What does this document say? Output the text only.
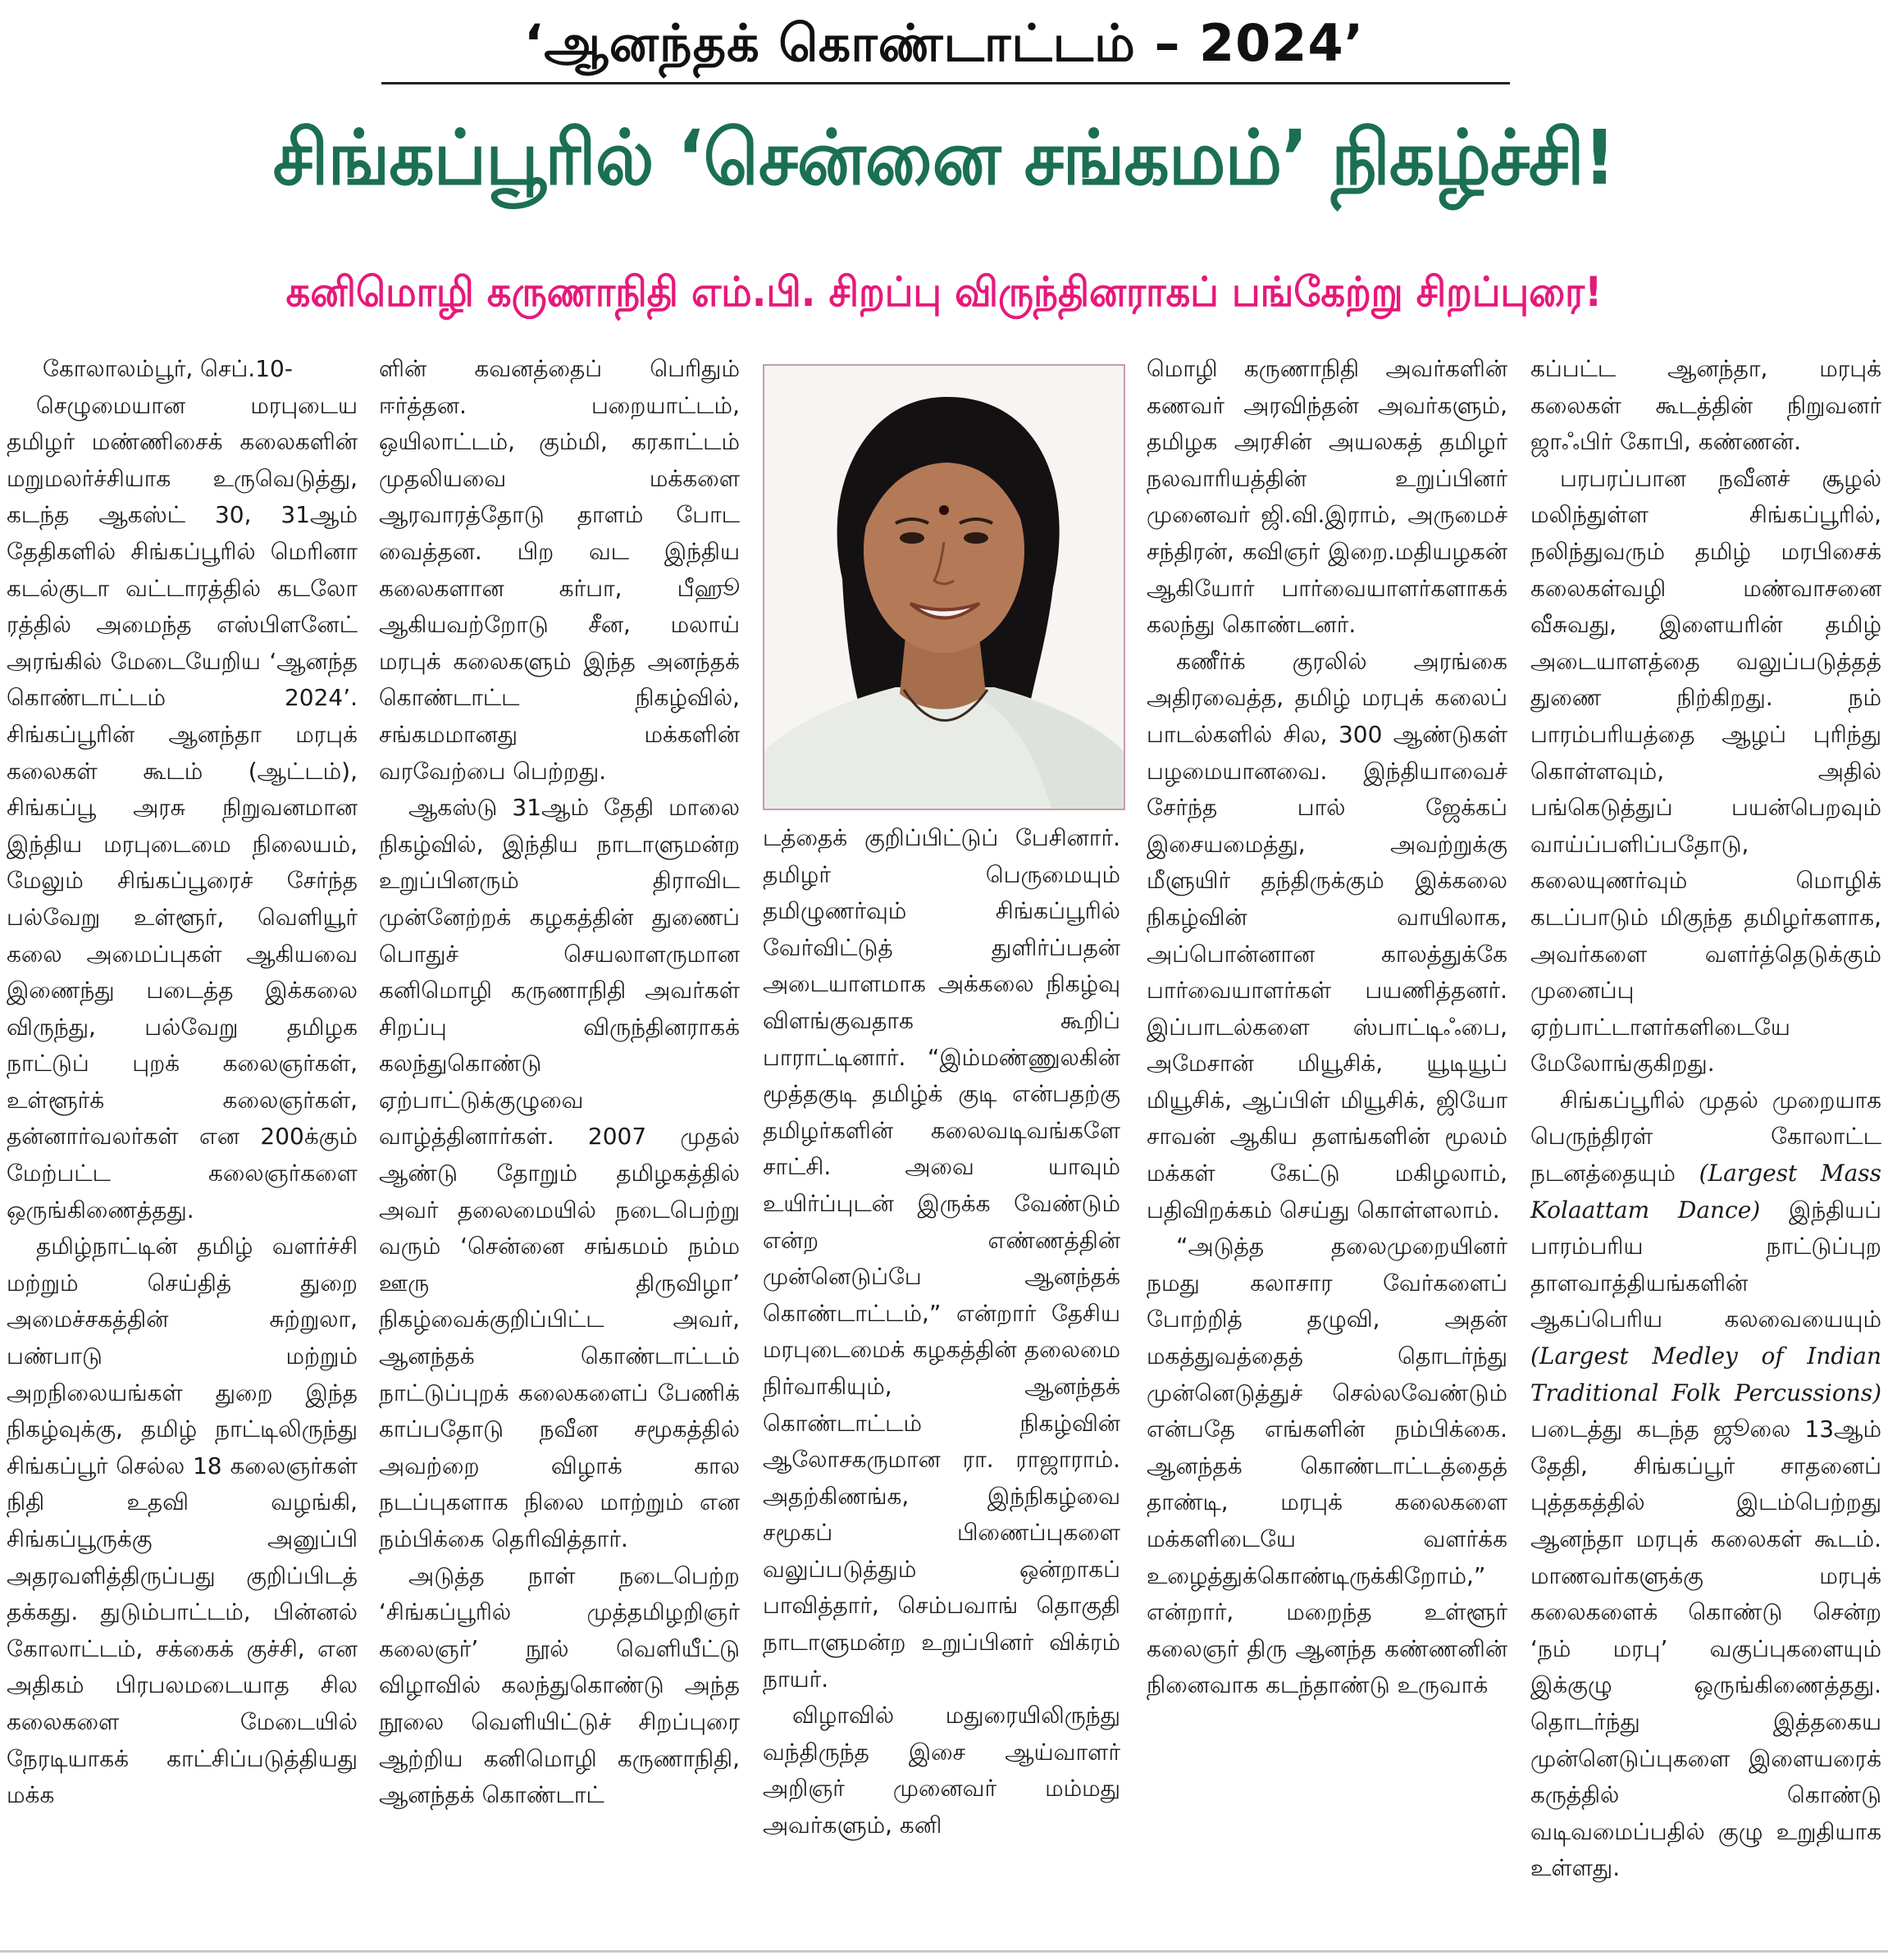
‘ஆனந்தக் கொண்டாட்டம் – 2024’
சிங்கப்பூரில் ‘சென்னை சங்கமம்’ நிகழ்ச்சி!
கனிமொழி கருணாநிதி எம்.பி. சிறப்பு விருந்தினராகப் பங்கேற்று சிறப்புரை!

கோலாலம்பூர், செப்.10-

செழுமையான மரபுடைய தமிழர் மண்ணிசைக் கலைகளின் மறுமலர்ச்சியாக உருவெடுத்து, கடந்த ஆகஸ்ட் 30, 31ஆம் தேதிகளில் சிங்கப்பூரில் மெரினா கடல்குடா வட்டாரத்தில் கடலோ ரத்தில் அமைந்த எஸ்பிளனேட் அரங்கில் மேடையேறிய ‘ஆனந்த கொண்டாட்டம் 2024’. சிங்கப்பூரின் ஆனந்தா மரபுக் கலைகள் கூடம் (ஆட்டம்), சிங்கப்பூ அரசு நிறுவனமான இந்திய மரபுடைமை நிலையம், மேலும் சிங்கப்பூரைச் சேர்ந்த பல்வேறு உள்ளூர், வெளியூர் கலை அமைப்புகள் ஆகியவை இணைந்து படைத்த இக்கலை விருந்து, பல்வேறு தமிழக நாட்டுப் புறக் கலைஞர்கள், உள்ளூர்க் கலைஞர்கள், தன்னார்வலர்கள் என 200க்கும் மேற்பட்ட கலைஞர்களை ஒருங்கிணைத்தது.

தமிழ்நாட்டின் தமிழ் வளர்ச்சி மற்றும் செய்தித் துறை அமைச்சகத்தின் சுற்றுலா, பண்பாடு மற்றும் அறநிலையங்கள் துறை இந்த நிகழ்வுக்கு, தமிழ் நாட்டிலிருந்து சிங்கப்பூர் செல்ல 18 கலைஞர்கள் நிதி உதவி வழங்கி, சிங்கப்பூருக்கு அனுப்பி அதரவளித்திருப்பது குறிப்பிடத் தக்கது. துடும்பாட்டம், பின்னல் கோலாட்டம், சக்கைக் குச்சி, என அதிகம் பிரபலமடையாத சில கலைகளை மேடையில் நேரடியாகக் காட்சிப்படுத்தியது மக்க

ளின் கவனத்தைப் பெரிதும் ஈர்த்தன. பறையாட்டம், ஒயிலாட்டம், கும்மி, கரகாட்டம் முதலியவை மக்களை ஆரவாரத்தோடு தாளம் போட வைத்தன. பிற வட இந்திய கலைகளான கர்பா, பீஹூ ஆகியவற்றோடு சீன, மலாய் மரபுக் கலைகளும் இந்த அனந்தக் கொண்டாட்ட நிகழ்வில், சங்கமமானது மக்களின் வரவேற்பை பெற்றது.

ஆகஸ்டு 31ஆம் தேதி மாலை நிகழ்வில், இந்திய நாடாளுமன்ற உறுப்பினரும் திராவிட முன்னேற்றக் கழகத்தின் துணைப் பொதுச் செயலாளருமான கனிமொழி கருணாநிதி அவர்கள் சிறப்பு விருந்தினராகக் கலந்துகொண்டு ஏற்பாட்டுக்குழுவை வாழ்த்தினார்கள். 2007 முதல் ஆண்டு தோறும் தமிழகத்தில் அவர் தலைமையில் நடைபெற்று வரும் ‘சென்னை சங்கமம் நம்ம ஊரு திருவிழா’ நிகழ்வைக்குறிப்பிட்ட அவர், ஆனந்தக் கொண்டாட்டம் நாட்டுப்புறக் கலைகளைப் பேணிக் காப்பதோடு நவீன சமூகத்தில் அவற்றை விழாக் கால நடப்புகளாக நிலை மாற்றும் என நம்பிக்கை தெரிவித்தார்.

அடுத்த நாள் நடைபெற்ற ‘சிங்கப்பூரில் முத்தமிழறிஞர் கலைஞர்’ நூல் வெளியீட்டு விழாவில் கலந்துகொண்டு அந்த நூலை வெளியிட்டுச் சிறப்புரை ஆற்றிய கனிமொழி கருணாநிதி, ஆனந்தக் கொண்டாட்

டத்தைக் குறிப்பிட்டுப் பேசினார். தமிழர் பெருமையும் தமிழுணர்வும் சிங்கப்பூரில் வேர்விட்டுத் துளிர்ப்பதன் அடையாளமாக அக்கலை நிகழ்வு விளங்குவதாக கூறிப் பாராட்டினார். “இம்மண்ணுலகின் மூத்தகுடி தமிழ்க் குடி என்பதற்கு தமிழர்களின் கலைவடிவங்களே சாட்சி. அவை யாவும் உயிர்ப்புடன் இருக்க வேண்டும் என்ற எண்ணத்தின் முன்னெடுப்பே ஆனந்தக் கொண்டாட்டம்,” என்றார் தேசிய மரபுடைமைக் கழகத்தின் தலைமை நிர்வாகியும், ஆனந்தக் கொண்டாட்டம் நிகழ்வின் ஆலோசகருமான ரா. ராஜாராம். அதற்கிணங்க, இந்நிகழ்வை சமூகப் பிணைப்புகளை வலுப்படுத்தும் ஒன்றாகப் பாவித்தார், செம்பவாங் தொகுதி நாடாளுமன்ற உறுப்பினர் விக்ரம் நாயர்.

விழாவில் மதுரையிலிருந்து வந்திருந்த இசை ஆய்வாளர் அறிஞர் முனைவர் மம்மது அவர்களும், கனி

மொழி கருணாநிதி அவர்களின் கணவர் அரவிந்தன் அவர்களும், தமிழக அரசின் அயலகத் தமிழர் நலவாரியத்தின் உறுப்பினர் முனைவர் ஜி.வி.இராம், அருமைச் சந்திரன், கவிஞர் இறை.மதியழகன் ஆகியோர் பார்வையாளர்களாகக் கலந்து கொண்டனர்.

கணீர்க் குரலில் அரங்கை அதிரவைத்த, தமிழ் மரபுக் கலைப் பாடல்களில் சில, 300 ஆண்டுகள் பழமையானவை. இந்தியாவைச் சேர்ந்த பால் ஜேக்கப் இசையமைத்து, அவற்றுக்கு மீளுயிர் தந்திருக்கும் இக்கலை நிகழ்வின் வாயிலாக, அப்பொன்னான காலத்துக்கே பார்வையாளர்கள் பயணித்தனர். இப்பாடல்களை ஸ்பாட்டிஃபை, அமேசான் மியூசிக், யூடியூப் மியூசிக், ஆப்பிள் மியூசிக், ஜியோ சாவன் ஆகிய தளங்களின் மூலம் மக்கள் கேட்டு மகிழலாம், பதிவிறக்கம் செய்து கொள்ளலாம்.

“அடுத்த தலைமுறையினர் நமது கலாசார வேர்களைப் போற்றித் தழுவி, அதன் மகத்துவத்தைத் தொடர்ந்து முன்னெடுத்துச் செல்லவேண்டும் என்பதே எங்களின் நம்பிக்கை. ஆனந்தக் கொண்டாட்டத்தைத் தாண்டி, மரபுக் கலைகளை மக்களிடையே வளர்க்க உழைத்துக்கொண்டிருக்கிறோம்,” என்றார், மறைந்த உள்ளூர் கலைஞர் திரு ஆனந்த கண்ணனின் நினைவாக கடந்தாண்டு உருவாக்

கப்பட்ட ஆனந்தா, மரபுக் கலைகள் கூடத்தின் நிறுவனர் ஜாஃபிர் கோபி, கண்ணன்.

பரபரப்பான நவீனச் சூழல் மலிந்துள்ள சிங்கப்பூரில், நலிந்துவரும் தமிழ் மரபிசைக் கலைகள்வழி மண்வாசனை வீசுவது, இளையரின் தமிழ் அடையாளத்தை வலுப்படுத்தத் துணை நிற்கிறது. நம் பாரம்பரியத்தை ஆழப் புரிந்து கொள்ளவும், அதில் பங்கெடுத்துப் பயன்பெறவும் வாய்ப்பளிப்பதோடு, கலையுணர்வும் மொழிக் கடப்பாடும் மிகுந்த தமிழர்களாக, அவர்களை வளர்த்தெடுக்கும் முனைப்பு ஏற்பாட்டாளர்களிடையே மேலோங்குகிறது.

சிங்கப்பூரில் முதல் முறையாக பெருந்திரள் கோலாட்ட நடனத்தையும் (Largest Mass Kolaattam Dance) இந்தியப் பாரம்பரிய நாட்டுப்புற தாளவாத்தியங்களின் ஆகப்பெரிய கலவையையும் (Largest Medley of Indian Traditional Folk Percussions) படைத்து கடந்த ஜூலை 13ஆம் தேதி, சிங்கப்பூர் சாதனைப் புத்தகத்தில் இடம்பெற்றது ஆனந்தா மரபுக் கலைகள் கூடம். மாணவர்களுக்கு மரபுக் கலைகளைக் கொண்டு சென்ற ‘நம் மரபு’ வகுப்புகளையும் இக்குழு ஒருங்கிணைத்தது. தொடர்ந்து இத்தகைய முன்னெடுப்புகளை இளையரைக் கருத்தில் கொண்டு வடிவமைப்பதில் குழு உறுதியாக உள்ளது.
